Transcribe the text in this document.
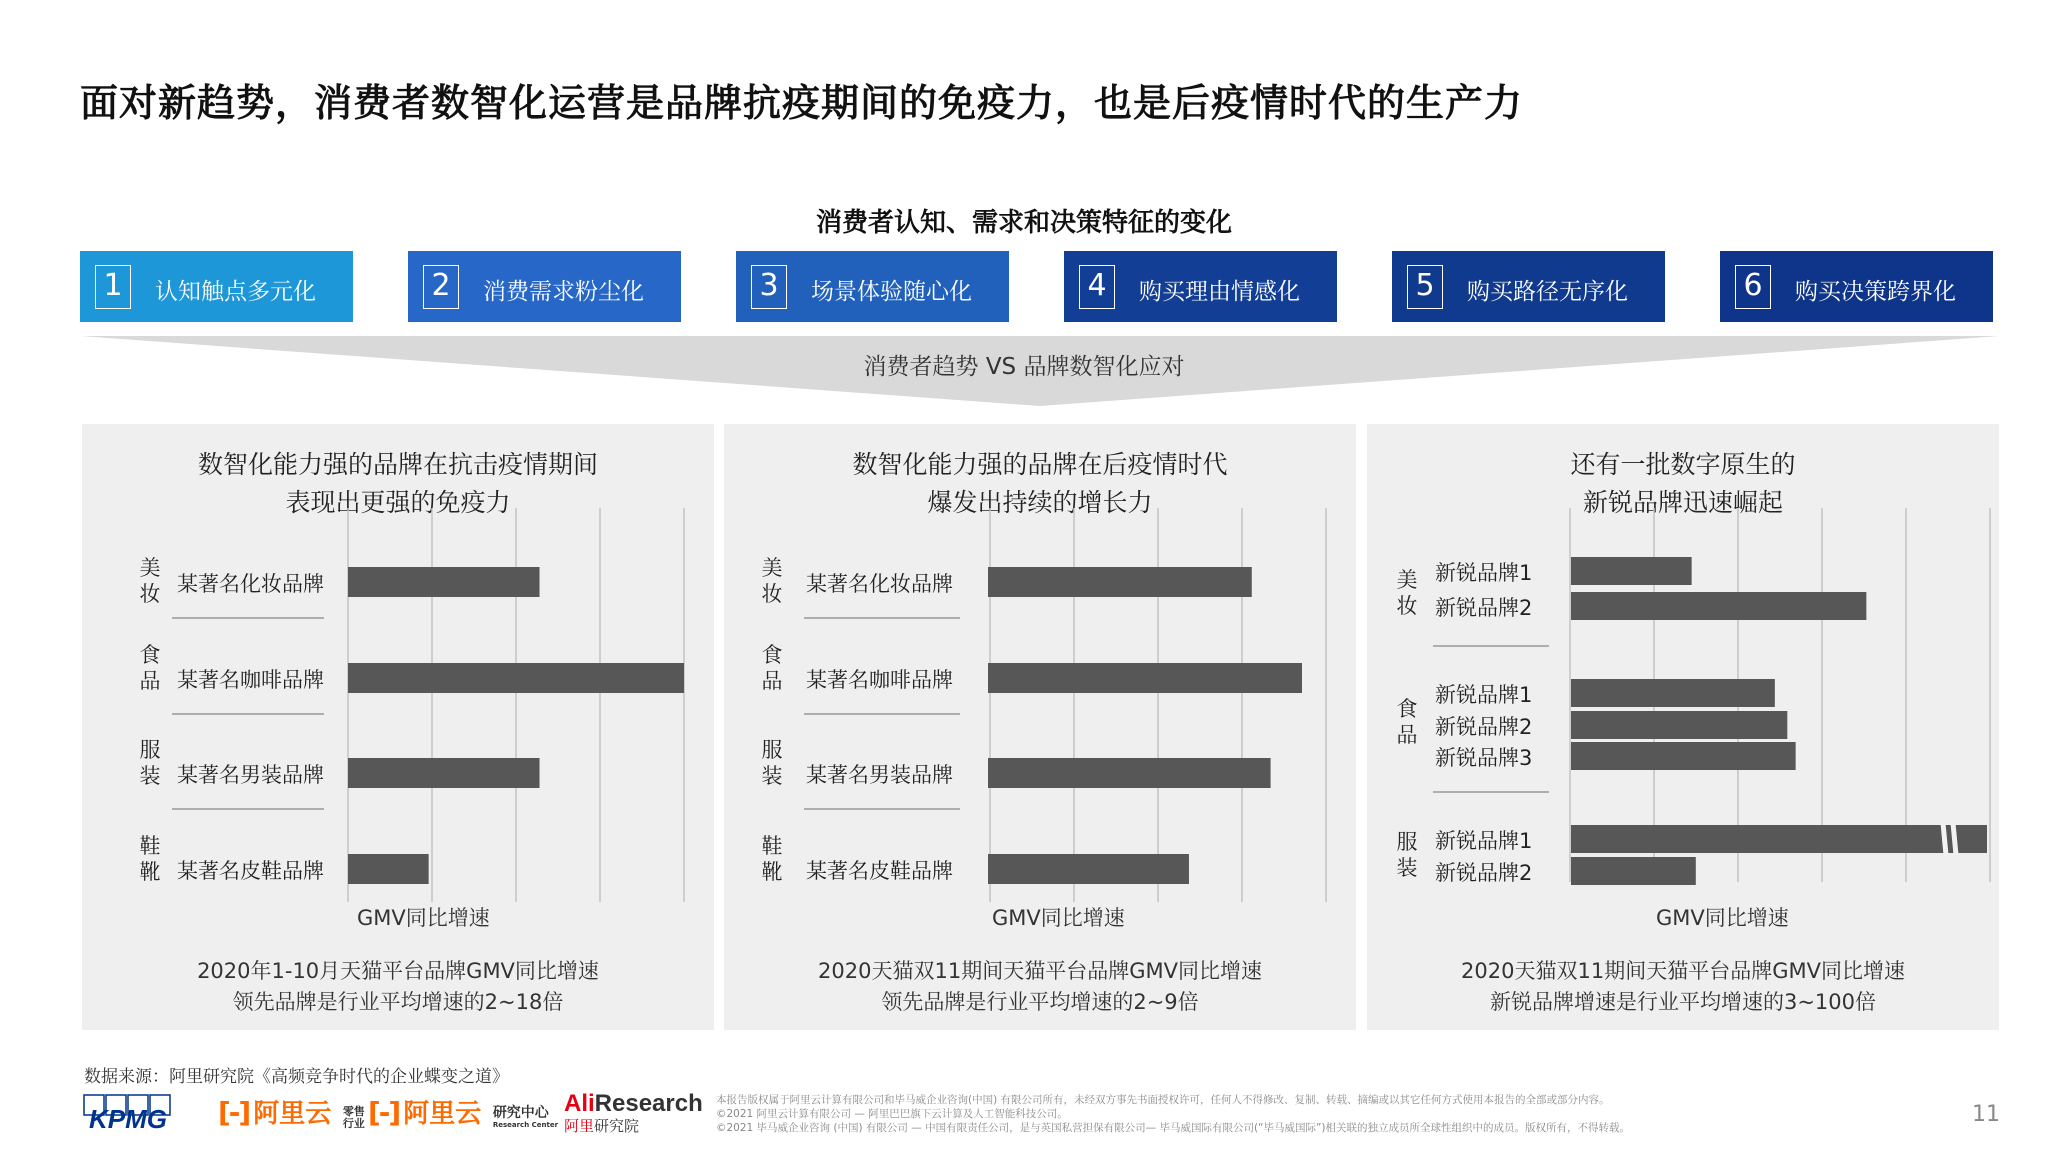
面对新趋势，消费者数智化运营是品牌抗疫期间的免疫力，也是后疫情时代的生产力
消费者认知、需求和决策特征的变化
1	认知触点多元化	2	消费需求粉尘化	3	场景体验随心化	4	购买理由情感化	5	购买路径无序化	6	购买决策跨界化
消费者趋势 VS 品牌数智化应对
数智化能力强的品牌在抗击疫情期间
表现出更强的免疫力
某著名化妆品牌
某著名咖啡品牌
某著名男装品牌
某著名皮鞋品牌
美
妆
食
品
服
装
鞋
靴
GMV同比增速
2020年1-10月天猫平台品牌GMV同比增速
领先品牌是行业平均增速的2~18倍
数智化能力强的品牌在后疫情时代
爆发出持续的增长力
某著名化妆品牌
某著名咖啡品牌
某著名男装品牌
某著名皮鞋品牌
美
妆
食
品
服
装
鞋
靴
GMV同比增速
2020天猫双11期间天猫平台品牌GMV同比增速
领先品牌是行业平均增速的2~9倍
还有一批数字原生的
新锐品牌迅速崛起
新锐品牌1
新锐品牌2
新锐品牌1
新锐品牌2
新锐品牌3
新锐品牌1
新锐品牌2
美
妆
食
品
服
装
GMV同比增速
2020天猫双11期间天猫平台品牌GMV同比增速
新锐品牌增速是行业平均增速的3~100倍
数据来源：阿里研究院《高频竞争时代的企业蝶变之道》
KPMG [-] 阿里云 零售
行业 [-] 阿里云 研究中心
Research Center
AliResearch
阿里研究院
本报告版权属于阿里云计算有限公司和毕马威企业咨询(中国) 有限公司所有，未经双方事先书面授权许可，任何人不得修改、复制、转载、摘编或以其它任何方式使用本报告的全部或部分内容。
©2021 阿里云计算有限公司 — 阿里巴巴旗下云计算及人工智能科技公司。
©2021 毕马威企业咨询 (中国) 有限公司 — 中国有限责任公司，是与英国私营担保有限公司— 毕马威国际有限公司(“毕马威国际”)相关联的独立成员所全球性组织中的成员。版权所有，不得转载。
11
